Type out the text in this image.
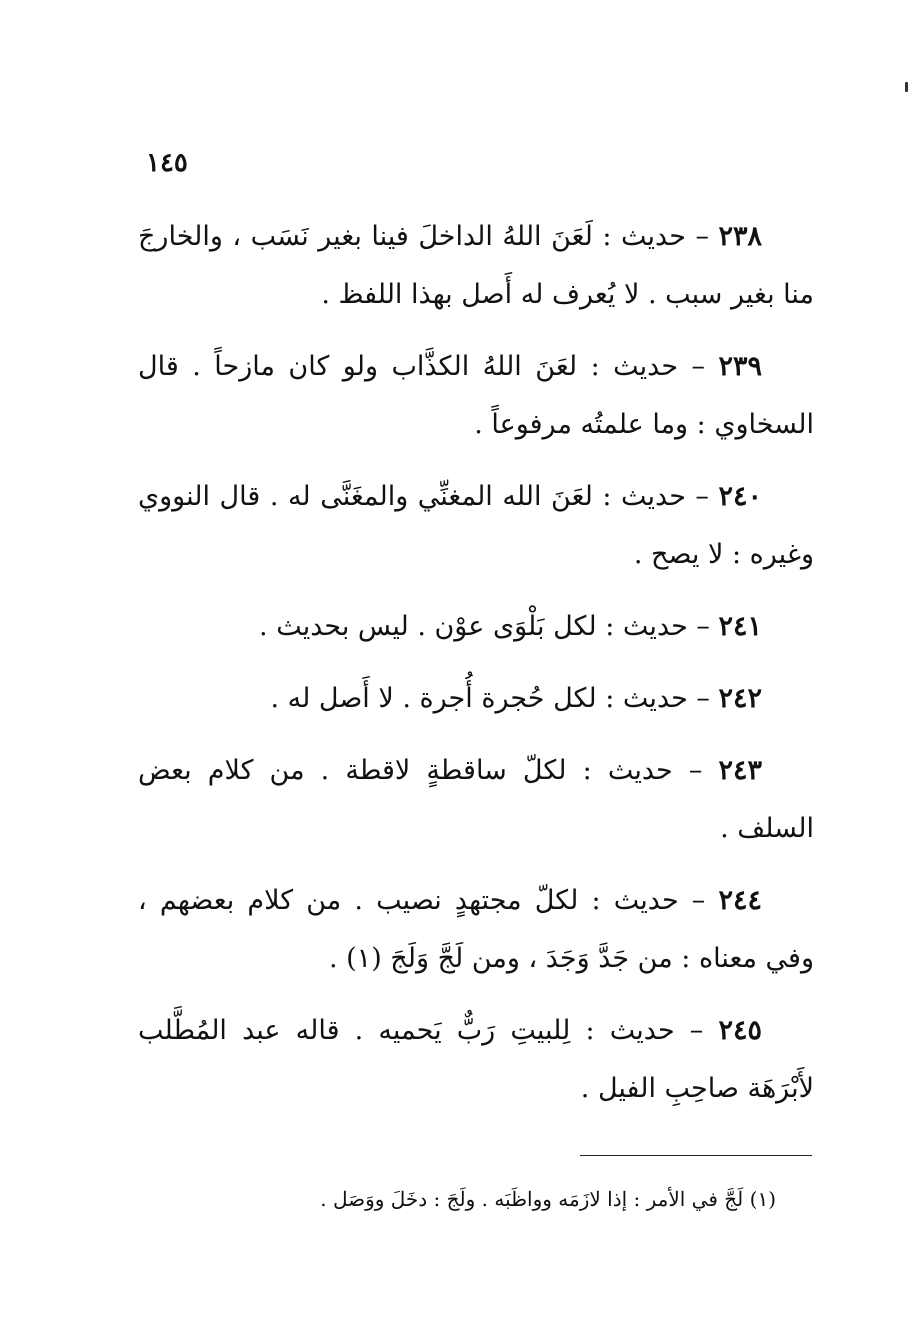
١٤٥

٢٣٨ – حديث : لَعَنَ اللهُ الداخلَ فينا بغير نَسَب ، والخارجَ منا بغير سبب . لا يُعرف له أَصل بهذا اللفظ .

٢٣٩ – حديث : لعَنَ اللهُ الكذَّاب ولو كان مازحاً . قال السخاوي : وما علمتُه مرفوعاً .

٢٤٠ – حديث : لعَنَ الله المغنِّي والمغَنَّى له . قال النووي وغيره : لا يصح .

٢٤١ – حديث : لكل بَلْوَى عوْن . ليس بحديث .

٢٤٢ – حديث : لكل حُجرة أُجرة . لا أَصل له .

٢٤٣ – حديث : لكلّ ساقطةٍ لاقطة . من كلام بعض السلف .

٢٤٤ – حديث : لكلّ مجتهدٍ نصيب . من كلام بعضهم ، وفي معناه : من جَدَّ وَجَدَ ، ومن لَجَّ وَلَجَ (١) .

٢٤٥ – حديث : لِلبيتِ رَبٌّ يَحميه . قاله عبد المُطَّلب لأَبْرَهَة صاحِبِ الفيل .

(١) لَجَّ في الأمر : إذا لازَمَه وواظَبَه . ولَجَ : دخَلَ ووَصَل .
